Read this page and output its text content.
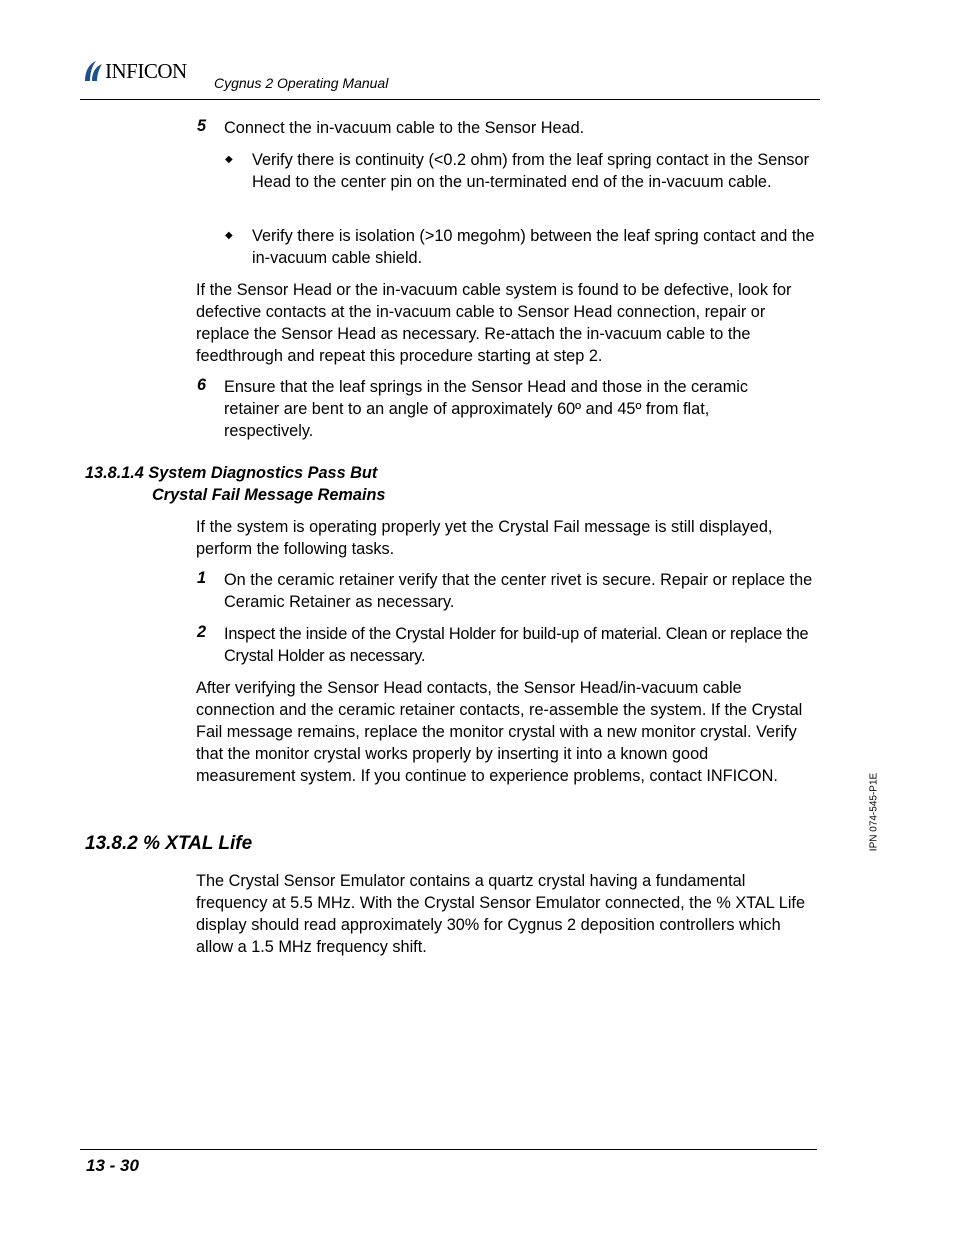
INFICON
Cygnus 2 Operating Manual
5 Connect the in-vacuum cable to the Sensor Head.
◆ Verify there is continuity (<0.2 ohm) from the leaf spring contact in the Sensor Head to the center pin on the un-terminated end of the in-vacuum cable.
◆ Verify there is isolation (>10 megohm) between the leaf spring contact and the in-vacuum cable shield.
If the Sensor Head or the in-vacuum cable system is found to be defective, look for defective contacts at the in-vacuum cable to Sensor Head connection, repair or replace the Sensor Head as necessary. Re-attach the in-vacuum cable to the feedthrough and repeat this procedure starting at step 2.
6 Ensure that the leaf springs in the Sensor Head and those in the ceramic retainer are bent to an angle of approximately 60º and 45º from flat, respectively.
13.8.1.4 System Diagnostics Pass But
Crystal Fail Message Remains
If the system is operating properly yet the Crystal Fail message is still displayed, perform the following tasks.
1 On the ceramic retainer verify that the center rivet is secure. Repair or replace the Ceramic Retainer as necessary.
2 Inspect the inside of the Crystal Holder for build-up of material. Clean or replace the Crystal Holder as necessary.
After verifying the Sensor Head contacts, the Sensor Head/in-vacuum cable connection and the ceramic retainer contacts, re-assemble the system. If the Crystal Fail message remains, replace the monitor crystal with a new monitor crystal. Verify that the monitor crystal works properly by inserting it into a known good measurement system. If you continue to experience problems, contact INFICON.
13.8.2 % XTAL Life
The Crystal Sensor Emulator contains a quartz crystal having a fundamental frequency at 5.5 MHz. With the Crystal Sensor Emulator connected, the % XTAL Life display should read approximately 30% for Cygnus 2 deposition controllers which allow a 1.5 MHz frequency shift.
IPN 074-545-P1E
13 - 30
